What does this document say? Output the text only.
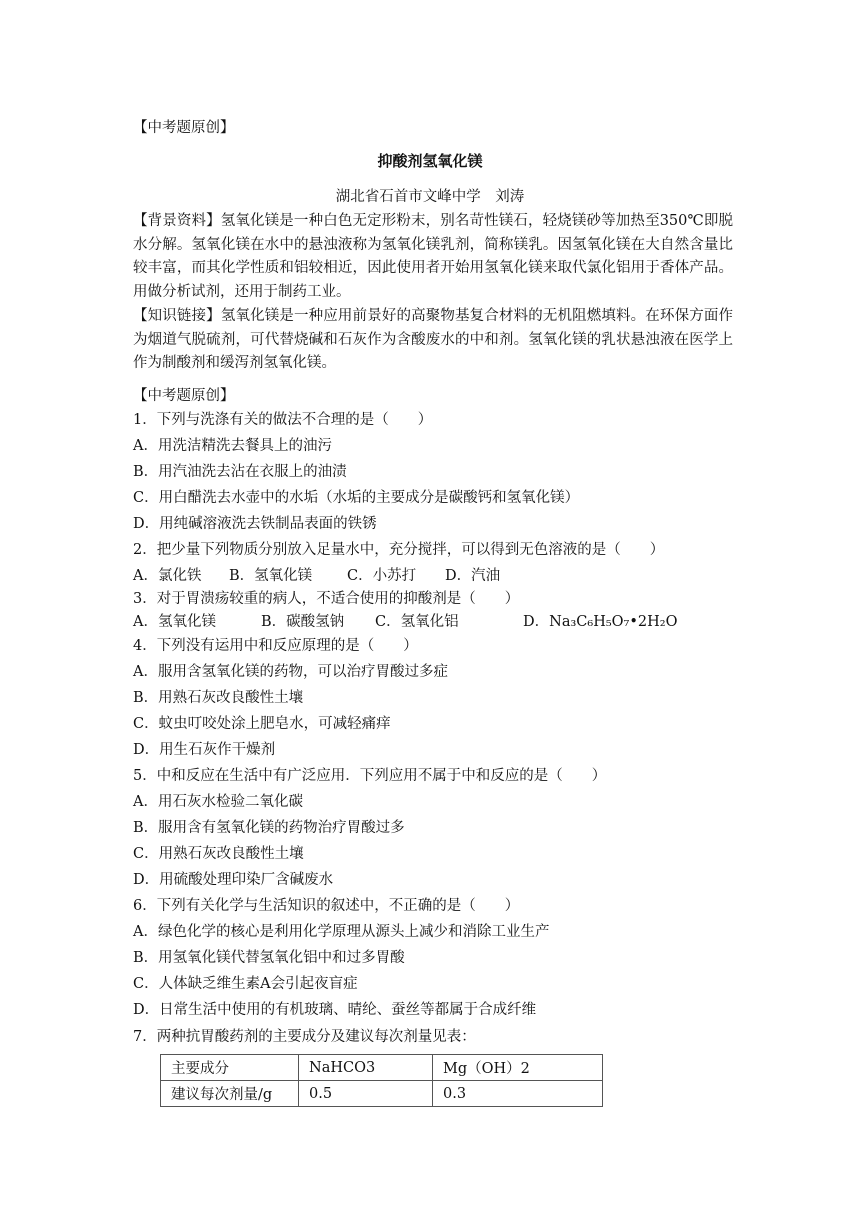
【中考题原创】
抑酸剂氢氧化镁
湖北省石首市文峰中学　刘涛
【背景资料】氢氧化镁是一种白色无定形粉末，别名苛性镁石，轻烧镁砂等加热至350℃即脱水分解。氢氧化镁在水中的悬浊液称为氢氧化镁乳剂，简称镁乳。因氢氧化镁在大自然含量比较丰富，而其化学性质和铝较相近，因此使用者开始用氢氧化镁来取代氯化铝用于香体产品。用做分析试剂，还用于制药工业。
【知识链接】氢氧化镁是一种应用前景好的高聚物基复合材料的无机阻燃填料。在环保方面作为烟道气脱硫剂，可代替烧碱和石灰作为含酸废水的中和剂。氢氧化镁的乳状悬浊液在医学上作为制酸剂和缓泻剂氢氧化镁。
【中考题原创】
1．下列与洗涤有关的做法不合理的是（　　）
A．用洗洁精洗去餐具上的油污
B．用汽油洗去沾在衣服上的油渍
C．用白醋洗去水壶中的水垢（水垢的主要成分是碳酸钙和氢氧化镁）
D．用纯碱溶液洗去铁制品表面的铁锈
2．把少量下列物质分别放入足量水中，充分搅拌，可以得到无色溶液的是（　　）
A．氯化铁 B．氢氧化镁 C．小苏打 D．汽油
3．对于胃溃疡较重的病人，不适合使用的抑酸剂是（　　）
A．氢氧化镁	B．碳酸氢钠 C．氢氧化铝	D．Na₃C₆H₅O₇•2H₂O
4．下列没有运用中和反应原理的是（　　）
A．服用含氢氧化镁的药物，可以治疗胃酸过多症
B．用熟石灰改良酸性土壤
C．蚊虫叮咬处涂上肥皂水，可减轻痛痒
D．用生石灰作干燥剂
5．中和反应在生活中有广泛应用．下列应用不属于中和反应的是（　　）
A．用石灰水检验二氧化碳
B．服用含有氢氧化镁的药物治疗胃酸过多
C．用熟石灰改良酸性土壤
D．用硫酸处理印染厂含碱废水
6．下列有关化学与生活知识的叙述中，不正确的是（　　）
A．绿色化学的核心是利用化学原理从源头上减少和消除工业生产
B．用氢氧化镁代替氢氧化铝中和过多胃酸
C．人体缺乏维生素A会引起夜盲症
D．日常生活中使用的有机玻璃、晴纶、蚕丝等都属于合成纤维
7．两种抗胃酸药剂的主要成分及建议每次剂量见表：
主要成分	NaHCO3	Mg（OH）2
建议每次剂量/g	0.5	0.3
